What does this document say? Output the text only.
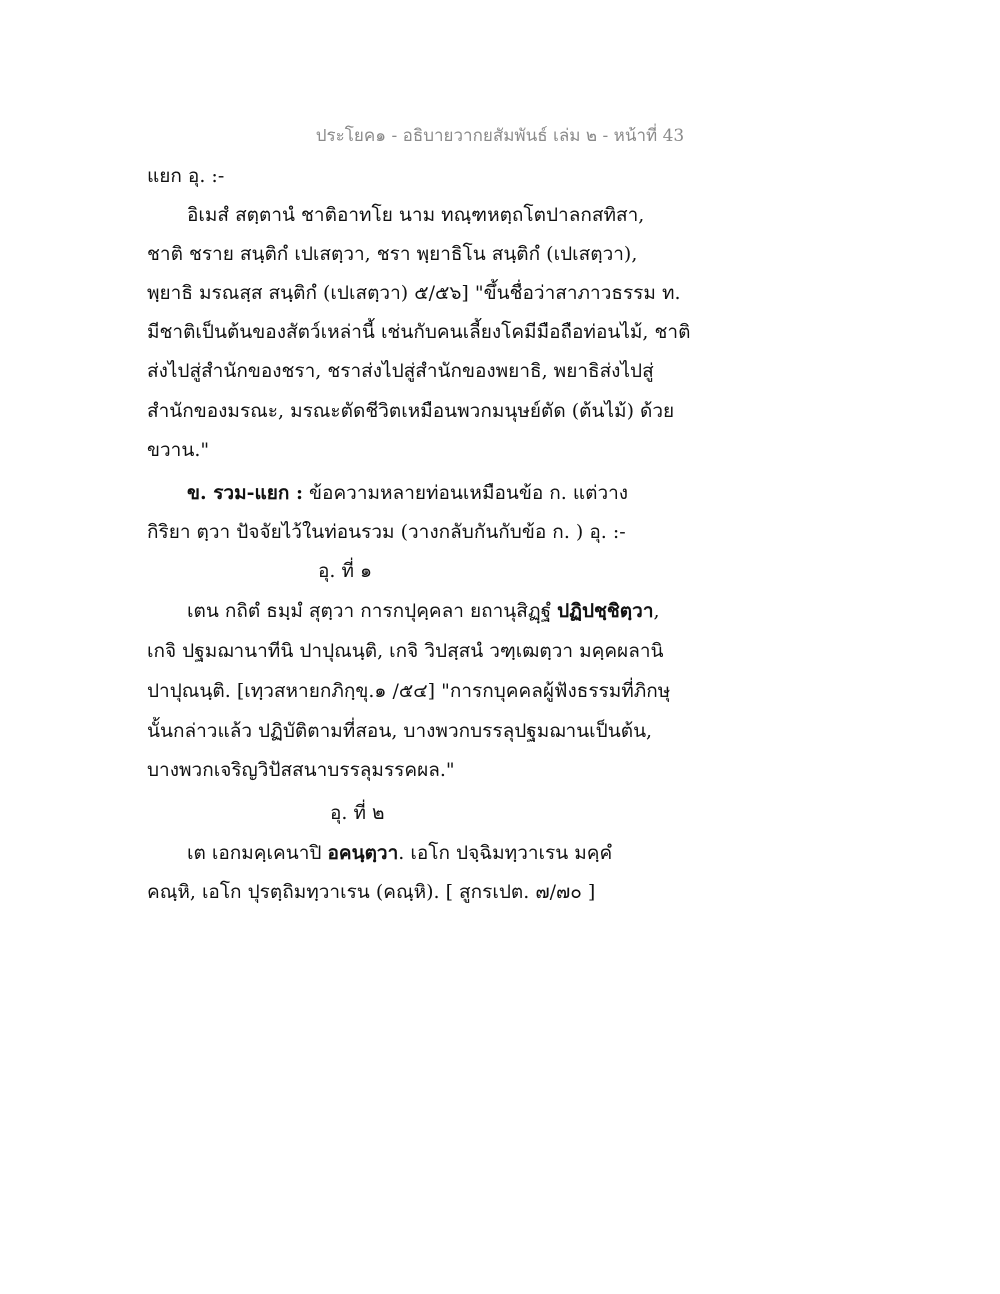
ประโยค๑ - อธิบายวากยสัมพันธ์ เล่ม ๒ - หน้าที่ 43
แยก อุ. :-
อิเมสํ สตฺตานํ ชาติอาทโย นาม ทณฺฑหตฺถโตปาลกสทิสา,
ชาติ ชราย สนฺติกํ เปเสตฺวา, ชรา พฺยาธิโน สนฺติกํ (เปเสตฺวา),
พฺยาธิ มรณสฺส สนฺติกํ (เปเสตฺวา) ๕/๕๖] "ขึ้นชื่อว่าสาภาวธรรม ท.
มีชาติเป็นต้นของสัตว์เหล่านี้ เช่นกับคนเลี้ยงโคมีมือถือท่อนไม้, ชาติ
ส่งไปสู่สำนักของชรา, ชราส่งไปสู่สำนักของพยาธิ, พยาธิส่งไปสู่
สำนักของมรณะ, มรณะตัดชีวิตเหมือนพวกมนุษย์ตัด (ต้นไม้) ด้วย
ขวาน."
ข. รวม-แยก : ข้อความหลายท่อนเหมือนข้อ ก. แต่วาง
กิริยา ตฺวา ปัจจัยไว้ในท่อนรวม (วางกลับกันกับข้อ ก. ) อุ. :-
อุ. ที่ ๑
เตน กถิตํ ธมฺมํ สุตฺวา การกปุคฺคลา ยถานุสิฏฺฐํ ปฏิปชฺชิตฺวา,
เกจิ ปฐมฌานาทีนิ ปาปุณนฺติ, เกจิ วิปสฺสนํ วฑฺเฒตฺวา มคฺคผลานิ
ปาปุณนฺติ. [เทฺวสหายกภิกฺขุ.๑ /๕๔] "การกบุคคลผู้ฟังธรรมที่ภิกษุ
นั้นกล่าวแล้ว ปฏิบัติตามที่สอน, บางพวกบรรลุปฐมฌานเป็นต้น,
บางพวกเจริญวิปัสสนาบรรลุมรรคผล."
อุ. ที่ ๒
เต เอกมคฺเคนาปิ อคนฺตฺวา. เอโก ปจฺฉิมทฺวาเรน มคฺคํ
คณฺหิ, เอโก ปุรตฺถิมทฺวาเรน (คณฺหิ). [ สูกรเปต. ๗/๗๐ ]
